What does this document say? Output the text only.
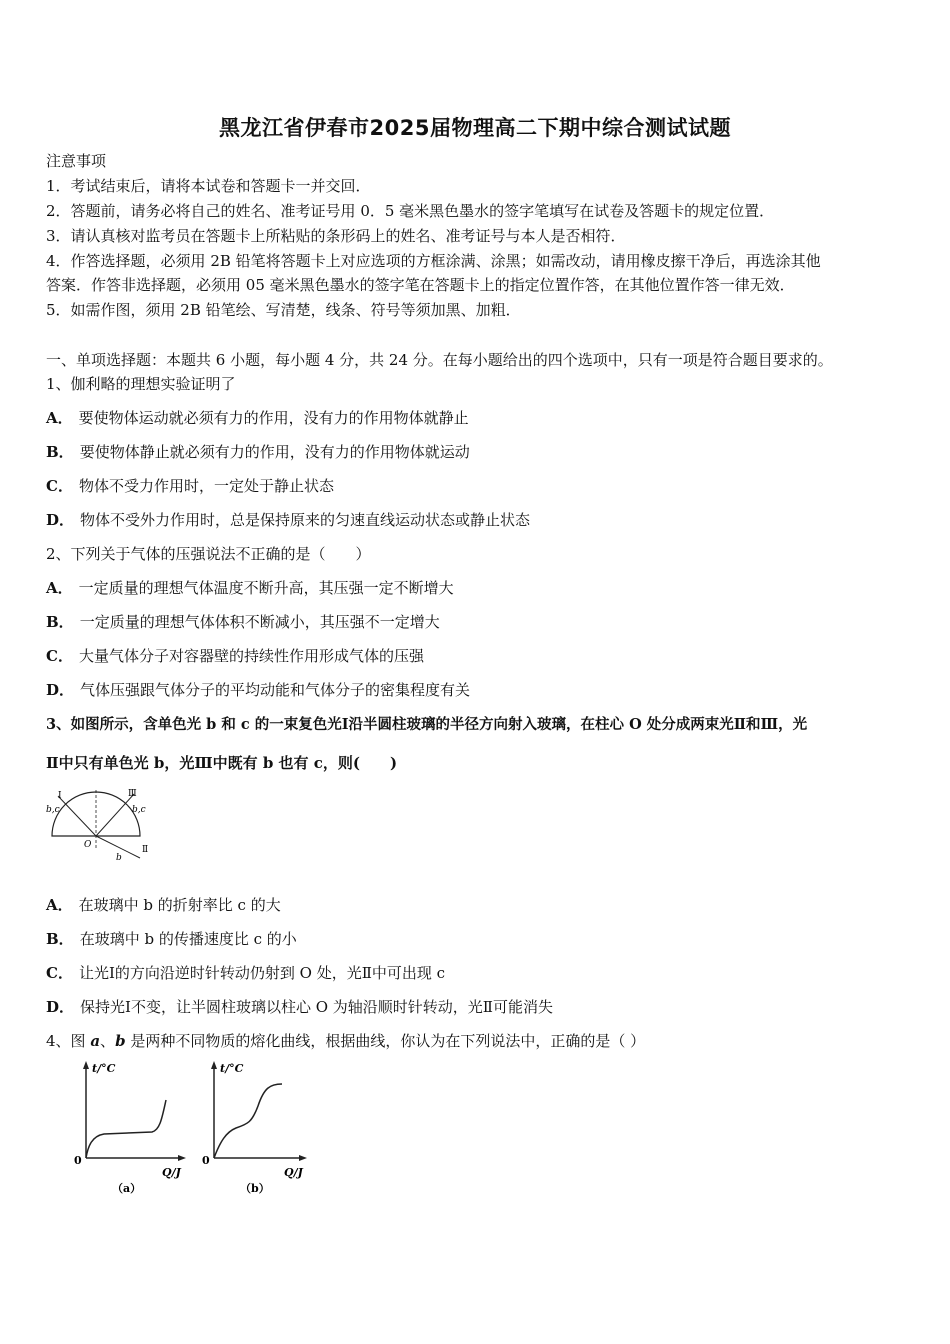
黑龙江省伊春市2025届物理高二下期中综合测试试题
注意事项
1．考试结束后，请将本试卷和答题卡一并交回．
2．答题前，请务必将自己的姓名、准考证号用 0．5 毫米黑色墨水的签字笔填写在试卷及答题卡的规定位置．
3．请认真核对监考员在答题卡上所粘贴的条形码上的姓名、准考证号与本人是否相符．
4．作答选择题，必须用 2B 铅笔将答题卡上对应选项的方框涂满、涂黑；如需改动，请用橡皮擦干净后，再选涂其他
答案．作答非选择题，必须用 05 毫米黑色墨水的签字笔在答题卡上的指定位置作答，在其他位置作答一律无效．
5．如需作图，须用 2B 铅笔绘、写清楚，线条、符号等须加黑、加粗．
一、单项选择题：本题共 6 小题，每小题 4 分，共 24 分。在每小题给出的四个选项中，只有一项是符合题目要求的。
1、伽利略的理想实验证明了
A． 要使物体运动就必须有力的作用，没有力的作用物体就静止
B． 要使物体静止就必须有力的作用，没有力的作用物体就运动
C． 物体不受力作用时，一定处于静止状态
D． 物体不受外力作用时，总是保持原来的匀速直线运动状态或静止状态
2、下列关于气体的压强说法不正确的是（　　）
A． 一定质量的理想气体温度不断升高，其压强一定不断增大
B． 一定质量的理想气体体积不断减小，其压强不一定增大
C． 大量气体分子对容器壁的持续性作用形成气体的压强
D． 气体压强跟气体分子的平均动能和气体分子的密集程度有关
3、如图所示，含单色光 b 和 c 的一束复色光Ⅰ沿半圆柱玻璃的半径方向射入玻璃，在柱心 O 处分成两束光Ⅱ和Ⅲ，光
Ⅱ中只有单色光 b，光Ⅲ中既有 b 也有 c，则(　　)
Ⅰ
b,c
Ⅲ
b,c
O
b
Ⅱ
A． 在玻璃中 b 的折射率比 c 的大
B． 在玻璃中 b 的传播速度比 c 的小
C． 让光Ⅰ的方向沿逆时针转动仍射到 O 处，光Ⅱ中可出现 c
D． 保持光Ⅰ不变，让半圆柱玻璃以柱心 O 为轴沿顺时针转动，光Ⅱ可能消失
4、图 a、b 是两种不同物质的熔化曲线，根据曲线，你认为在下列说法中，正确的是（ ）
t/°C
0
Q/J
（a）
t/°C
0
Q/J
（b）
